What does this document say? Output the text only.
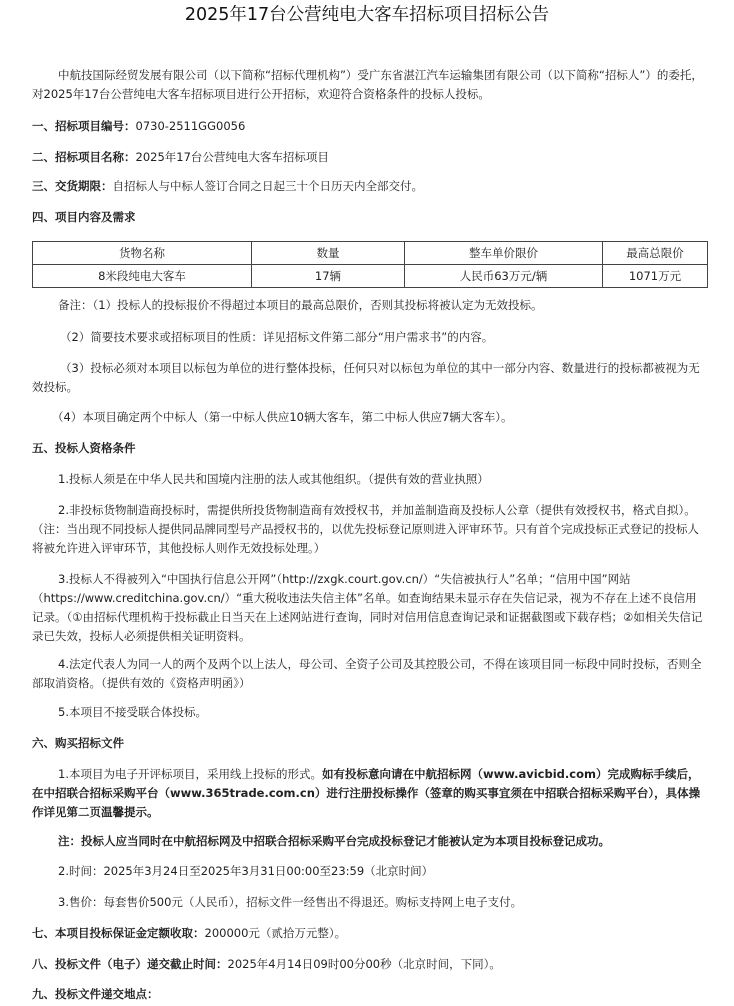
2025年17台公营纯电大客车招标项目招标公告
中航技国际经贸发展有限公司（以下简称“招标代理机构”）受广东省湛江汽车运输集团有限公司（以下简称“招标人”）的委托，对2025年17台公营纯电大客车招标项目进行公开招标，欢迎符合资格条件的投标人投标。
一、招标项目编号：0730-2511GG0056
二、招标项目名称：2025年17台公营纯电大客车招标项目
三、交货期限：自招标人与中标人签订合同之日起三十个日历天内全部交付。
四、项目内容及需求
货物名称	数量	整车单价限价	最高总限价
8米段纯电大客车	17辆	人民币63万元/辆	1071万元
备注：（1）投标人的投标报价不得超过本项目的最高总限价，否则其投标将被认定为无效投标。
（2）简要技术要求或招标项目的性质：详见招标文件第二部分“用户需求书”的内容。
（3）投标必须对本项目以标包为单位的进行整体投标，任何只对以标包为单位的其中一部分内容、数量进行的投标都被视为无效投标。
（4）本项目确定两个中标人（第一中标人供应10辆大客车，第二中标人供应7辆大客车）。
五、投标人资格条件
1.投标人须是在中华人民共和国境内注册的法人或其他组织。（提供有效的营业执照）
2.非投标货物制造商投标时，需提供所投货物制造商有效授权书，并加盖制造商及投标人公章（提供有效授权书，格式自拟）。（注：当出现不同投标人提供同品牌同型号产品授权书的，以优先投标登记原则进入评审环节。只有首个完成投标正式登记的投标人将被允许进入评审环节，其他投标人则作无效投标处理。）
3.投标人不得被列入“中国执行信息公开网”（http://zxgk.court.gov.cn/）“失信被执行人”名单；“信用中国”网站（https://www.creditchina.gov.cn/）“重大税收违法失信主体”名单。如查询结果未显示存在失信记录，视为不存在上述不良信用记录。（①由招标代理机构于投标截止日当天在上述网站进行查询，同时对信用信息查询记录和证据截图或下载存档；②如相关失信记录已失效，投标人必须提供相关证明资料。
4.法定代表人为同一人的两个及两个以上法人，母公司、全资子公司及其控股公司，不得在该项目同一标段中同时投标，否则全部取消资格。（提供有效的《资格声明函》）
5.本项目不接受联合体投标。
六、购买招标文件
1.本项目为电子开评标项目，采用线上投标的形式。如有投标意向请在中航招标网（www.avicbid.com）完成购标手续后，在中招联合招标采购平台（www.365trade.com.cn）进行注册投标操作（签章的购买事宜须在中招联合招标采购平台），具体操作详见第二页温馨提示。
注：投标人应当同时在中航招标网及中招联合招标采购平台完成投标登记才能被认定为本项目投标登记成功。
2.时间：2025年3月24日至2025年3月31日00:00至23:59（北京时间）
3.售价：每套售价500元（人民币），招标文件一经售出不得退还。购标支持网上电子支付。
七、本项目投标保证金定额收取：200000元（贰拾万元整）。
八、投标文件（电子）递交截止时间：2025年4月14日09时00分00秒（北京时间，下同）。
九、投标文件递交地点：
